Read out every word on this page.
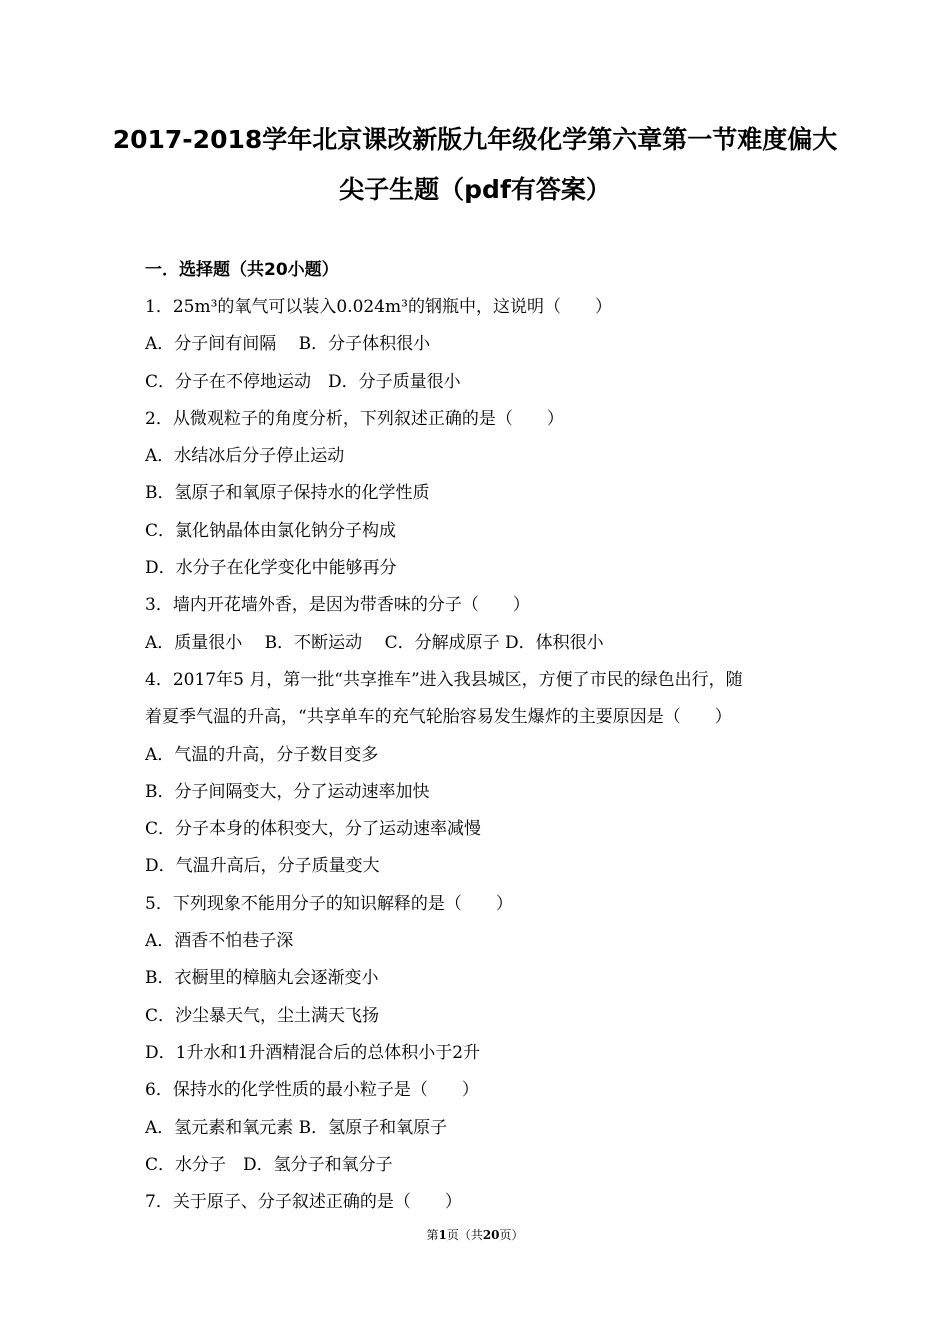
2017-2018学年北京课改新版九年级化学第六章第一节难度偏大
尖子生题（pdf有答案）
一．选择题（共20小题）
1．25m³的氧气可以装入0.024m³的钢瓶中，这说明（　　）
A．分子间有间隔　 B．分子体积很小
C．分子在不停地运动　D．分子质量很小
2．从微观粒子的角度分析，下列叙述正确的是（　　）
A．水结冰后分子停止运动
B．氢原子和氧原子保持水的化学性质
C．氯化钠晶体由氯化钠分子构成
D．水分子在化学变化中能够再分
3．墙内开花墙外香，是因为带香味的分子（　　）
A．质量很小　 B．不断运动　 C．分解成原子 D．体积很小
4．2017年5 月，第一批“共享推车”进入我县城区，方便了市民的绿色出行，随
着夏季气温的升高，“共享单车的充气轮胎容易发生爆炸的主要原因是（　　）
A．气温的升高，分子数目变多
B．分子间隔变大，分了运动速率加快
C．分子本身的体积变大，分了运动速率减慢
D．气温升高后，分子质量变大
5．下列现象不能用分子的知识解释的是（　　）
A．酒香不怕巷子深
B．衣橱里的樟脑丸会逐渐变小
C．沙尘暴天气，尘土满天飞扬
D．1升水和1升酒精混合后的总体积小于2升
6．保持水的化学性质的最小粒子是（　　）
A．氢元素和氧元素 B．氢原子和氧原子
C．水分子　D．氢分子和氧分子
7．关于原子、分子叙述正确的是（　　）
第1页（共20页）
